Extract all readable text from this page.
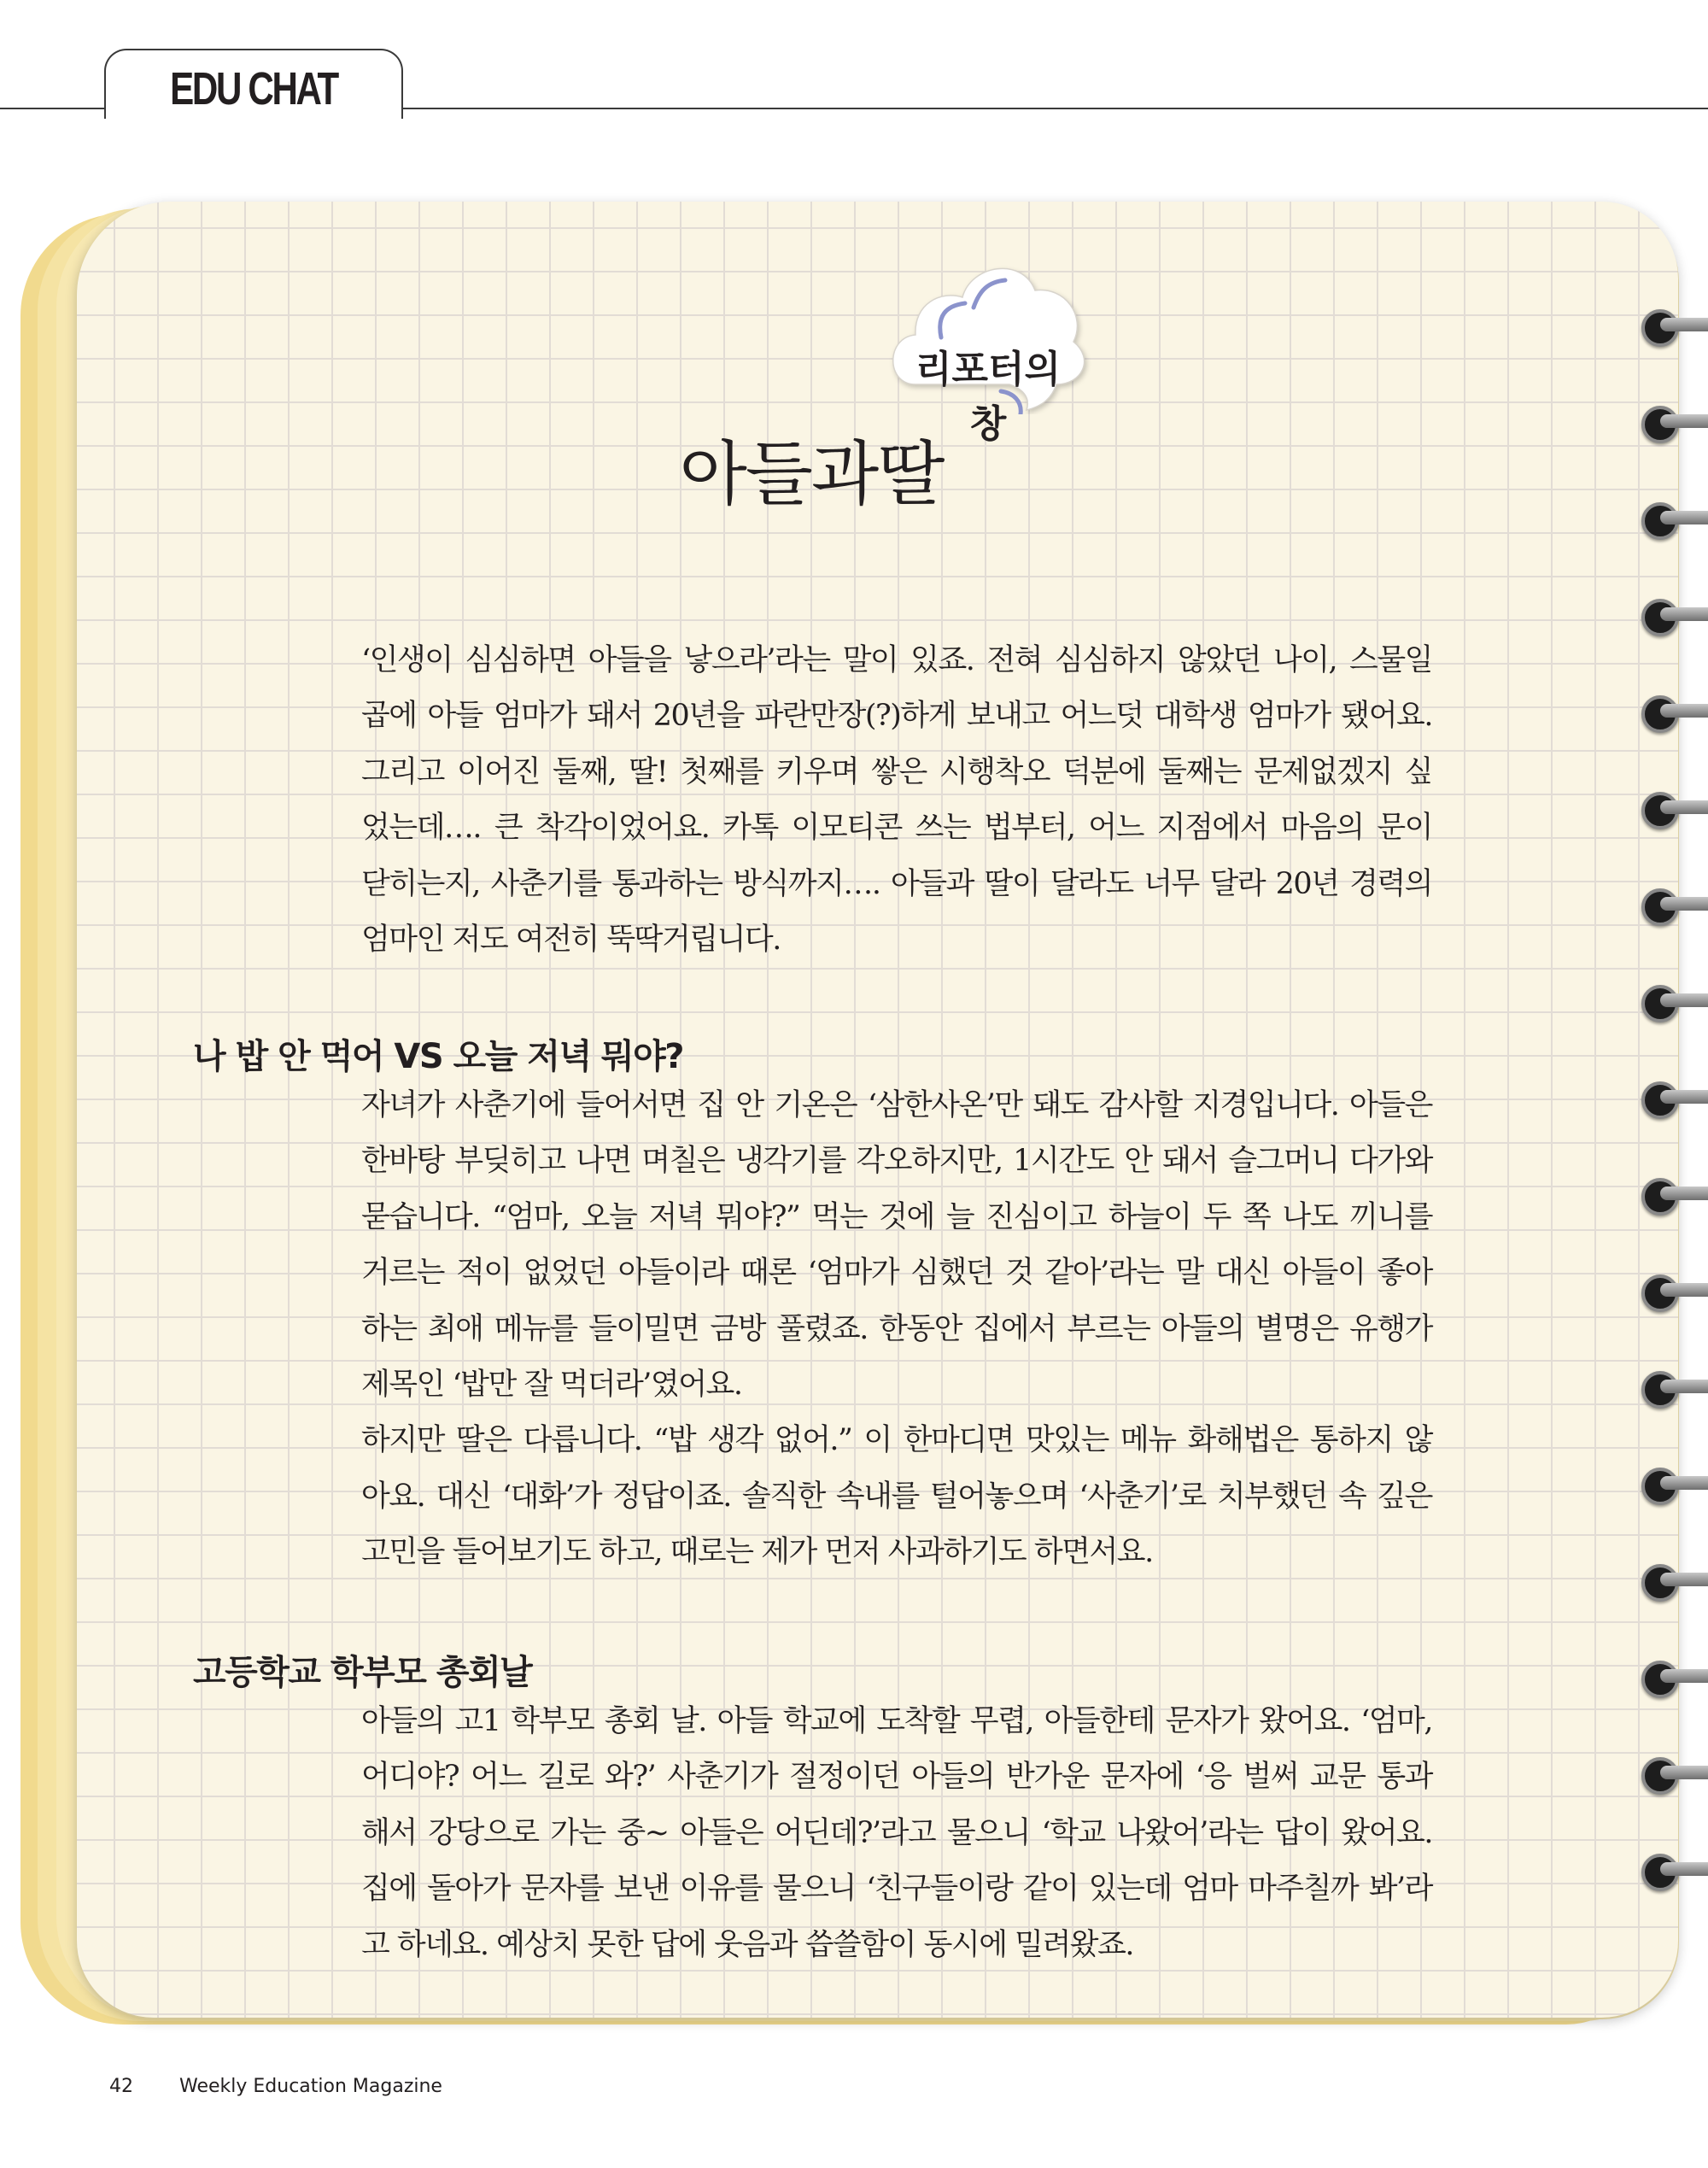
EDU CHAT
리포터의 창
아들과딸
‘인생이 심심하면 아들을 낳으라’라는 말이 있죠. 전혀 심심하지 않았던 나이, 스물일
곱에 아들 엄마가 돼서 20년을 파란만장(?)하게 보내고 어느덧 대학생 엄마가 됐어요.
그리고 이어진 둘째, 딸! 첫째를 키우며 쌓은 시행착오 덕분에 둘째는 문제없겠지 싶
었는데…. 큰 착각이었어요. 카톡 이모티콘 쓰는 법부터, 어느 지점에서 마음의 문이
닫히는지, 사춘기를 통과하는 방식까지…. 아들과 딸이 달라도 너무 달라 20년 경력의
엄마인 저도 여전히 뚝딱거립니다.
나 밥 안 먹어 VS 오늘 저녁 뭐야?
자녀가 사춘기에 들어서면 집 안 기온은 ‘삼한사온’만 돼도 감사할 지경입니다. 아들은
한바탕 부딪히고 나면 며칠은 냉각기를 각오하지만, 1시간도 안 돼서 슬그머니 다가와
묻습니다. “엄마, 오늘 저녁 뭐야?” 먹는 것에 늘 진심이고 하늘이 두 쪽 나도 끼니를
거르는 적이 없었던 아들이라 때론 ‘엄마가 심했던 것 같아’라는 말 대신 아들이 좋아
하는 최애 메뉴를 들이밀면 금방 풀렸죠. 한동안 집에서 부르는 아들의 별명은 유행가
제목인 ‘밥만 잘 먹더라’였어요.
하지만 딸은 다릅니다. “밥 생각 없어.” 이 한마디면 맛있는 메뉴 화해법은 통하지 않
아요. 대신 ‘대화’가 정답이죠. 솔직한 속내를 털어놓으며 ‘사춘기’로 치부했던 속 깊은
고민을 들어보기도 하고, 때로는 제가 먼저 사과하기도 하면서요.
고등학교 학부모 총회날
아들의 고1 학부모 총회 날. 아들 학교에 도착할 무렵, 아들한테 문자가 왔어요. ‘엄마,
어디야? 어느 길로 와?’ 사춘기가 절정이던 아들의 반가운 문자에 ‘응 벌써 교문 통과
해서 강당으로 가는 중~ 아들은 어딘데?’라고 물으니 ‘학교 나왔어’라는 답이 왔어요.
집에 돌아가 문자를 보낸 이유를 물으니 ‘친구들이랑 같이 있는데 엄마 마주칠까 봐’라
고 하네요. 예상치 못한 답에 웃음과 씁쓸함이 동시에 밀려왔죠.
42 Weekly Education Magazine
